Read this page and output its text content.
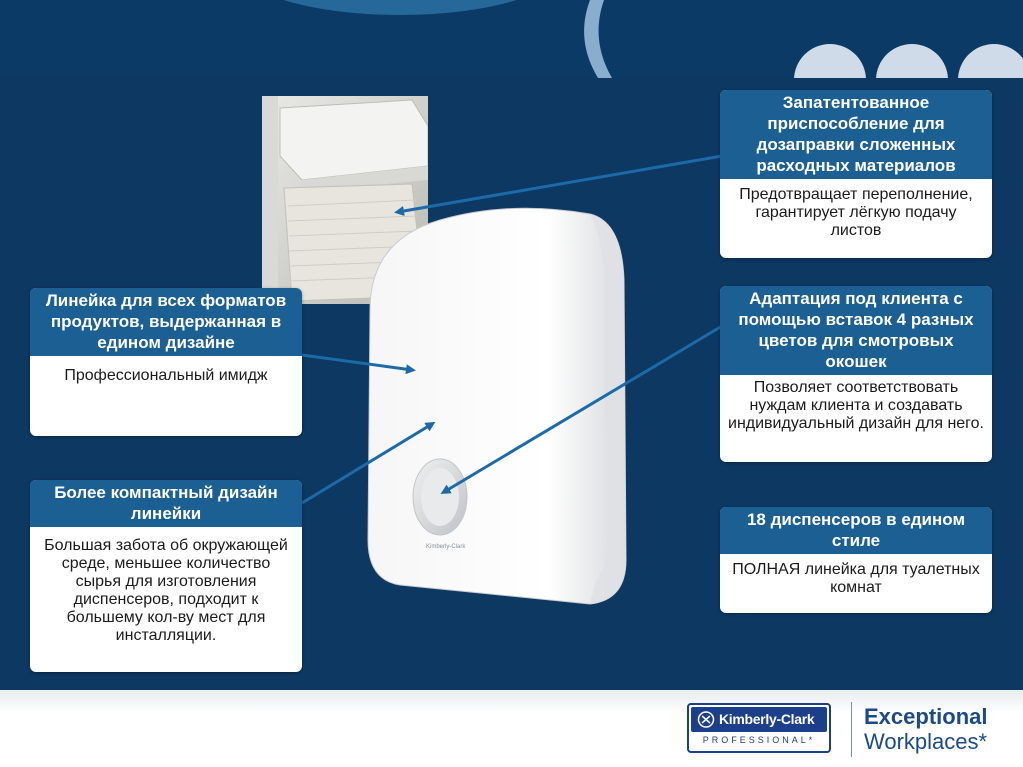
Kimberly-Clark
Запатентованное приспособление для дозаправки сложенных расходных материалов
Предотвращает переполнение, гарантирует лёгкую подачу листов
Линейка для всех форматов продуктов, выдержанная в едином дизайне
Профессиональный имидж
Адаптация под клиента с помощью вставок 4 разных цветов для смотровых окошек
Позволяет соответствовать нуждам клиента и создавать индивидуальный дизайн для него.
Более компактный дизайн линейки
Большая забота об окружающей среде, меньшее количество сырья для изготовления диспенсеров, подходит к большему кол-ву мест для инсталляции.
18 диспенсеров в едином стиле
ПОЛНАЯ линейка для туалетных комнат
Kimberly-Clark
PROFESSIONAL*
Exceptional
Workplaces*
